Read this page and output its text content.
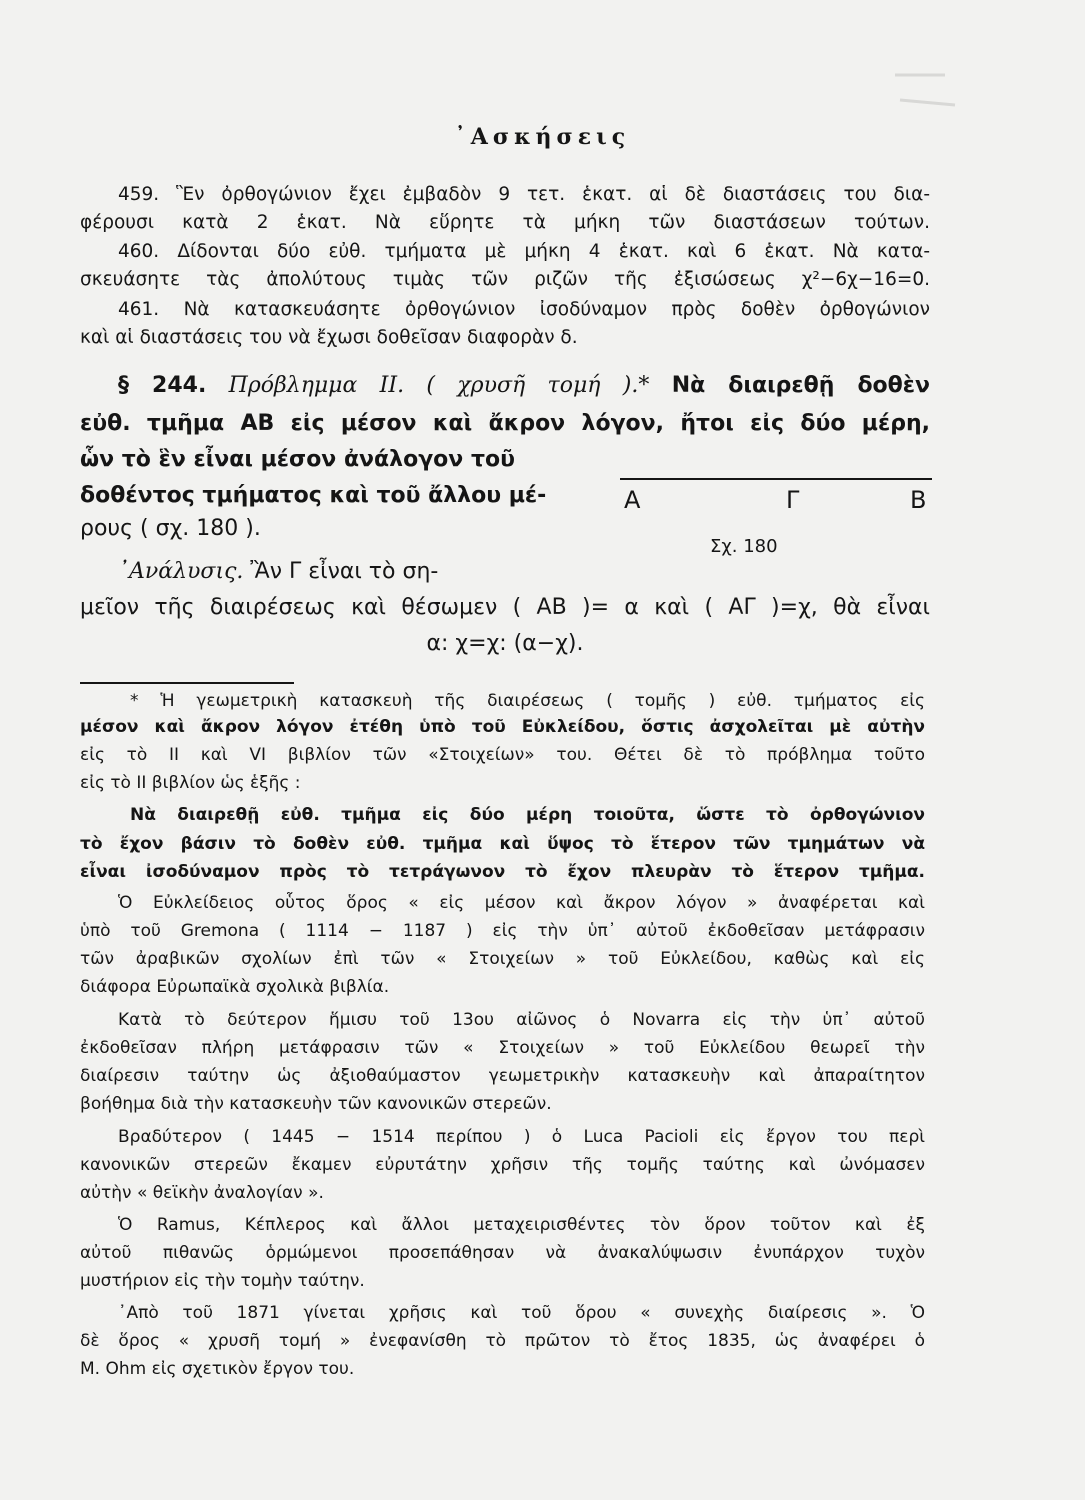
᾿Ασκήσεις
459. Ἓν ὀρθογώνιον ἔχει ἐμβαδὸν 9 τετ. ἑκατ. αἱ δὲ διαστάσεις του δια-
φέρουσι κατὰ 2 ἑκατ. Νὰ εὕρητε τὰ μήκη τῶν διαστάσεων τούτων.
460. Δίδονται δύο εὐθ. τμήματα μὲ μήκη 4 ἑκατ. καὶ 6 ἑκατ. Νὰ κατα-
σκευάσητε τὰς ἀπολύτους τιμὰς τῶν ριζῶν τῆς ἐξισώσεως χ²−6χ−16=0.
461. Νὰ κατασκευάσητε ὀρθογώνιον ἰσοδύναμον πρὸς δοθὲν ὀρθογώνιον
καὶ αἱ διαστάσεις του νὰ ἔχωσι δοθεῖσαν διαφορὰν δ.
§ 244. Πρόβλημμα ΙΙ. ( χρυσῆ τομή ).* Νὰ διαιρεθῇ δοθὲν
εὐθ. τμῆμα ΑΒ εἰς μέσον καὶ ἄκρον λόγον, ἤτοι εἰς δύο μέρη,
ὧν τὸ ἓν εἶναι μέσον ἀνάλογον τοῦ
δοθέντος τμήματος καὶ τοῦ ἄλλου μέ-
ρους ( σχ. 180 ).
Α	Γ	Β
Σχ. 180
᾿Ανάλυσις. Ἂν Γ εἶναι τὸ ση-
μεῖον τῆς διαιρέσεως καὶ θέσωμεν ( ΑΒ )= α καὶ ( ΑΓ )=χ, θὰ εἶναι
α: χ=χ: (α−χ).
* Ἡ γεωμετρικὴ κατασκευὴ τῆς διαιρέσεως ( τομῆς ) εὐθ. τμήματος εἰς
μέσον καὶ ἄκρον λόγον ἐτέθη ὑπὸ τοῦ Εὐκλείδου, ὅστις ἀσχολεῖται μὲ αὐτὴν
εἰς τὸ ΙΙ καὶ VI βιβλίον τῶν «Στοιχείων» του. Θέτει δὲ τὸ πρόβλημα τοῦτο
εἰς τὸ ΙΙ βιβλίον ὡς ἑξῆς :
Νὰ διαιρεθῇ εὐθ. τμῆμα εἰς δύο μέρη τοιοῦτα, ὥστε τὸ ὀρθογώνιον
τὸ ἔχον βάσιν τὸ δοθὲν εὐθ. τμῆμα καὶ ὕψος τὸ ἕτερον τῶν τμημάτων νὰ
εἶναι ἰσοδύναμον πρὸς τὸ τετράγωνον τὸ ἔχον πλευρὰν τὸ ἕτερον τμῆμα.
Ὁ Εὐκλείδειος οὗτος ὅρος « εἰς μέσον καὶ ἄκρον λόγον » ἀναφέρεται καὶ
ὑπὸ τοῦ Gremona ( 1114 − 1187 ) εἰς τὴν ὑπ᾿ αὐτοῦ ἐκδοθεῖσαν μετάφρασιν
τῶν ἀραβικῶν σχολίων ἐπὶ τῶν « Στοιχείων » τοῦ Εὐκλείδου, καθὼς καὶ εἰς
διάφορα Εὐρωπαϊκὰ σχολικὰ βιβλία.
Κατὰ τὸ δεύτερον ἥμισυ τοῦ 13ου αἰῶνος ὁ Novarra εἰς τὴν ὑπ᾿ αὐτοῦ
ἐκδοθεῖσαν πλήρη μετάφρασιν τῶν « Στοιχείων » τοῦ Εὐκλείδου θεωρεῖ τὴν
διαίρεσιν ταύτην ὡς ἀξιοθαύμαστον γεωμετρικὴν κατασκευὴν καὶ ἀπαραίτητον
βοήθημα διὰ τὴν κατασκευὴν τῶν κανονικῶν στερεῶν.
Βραδύτερον ( 1445 − 1514 περίπου ) ὁ Luca Pacioli εἰς ἔργον του περὶ
κανονικῶν στερεῶν ἔκαμεν εὐρυτάτην χρῆσιν τῆς τομῆς ταύτης καὶ ὠνόμασεν
αὐτὴν « θεϊκὴν ἀναλογίαν ».
Ὁ Ramus, Κέπλερος καὶ ἄλλοι μεταχειρισθέντες τὸν ὅρον τοῦτον καὶ ἐξ
αὐτοῦ πιθανῶς ὁρμώμενοι προσεπάθησαν νὰ ἀνακαλύψωσιν ἐνυπάρχον τυχὸν
μυστήριον εἰς τὴν τομὴν ταύτην.
᾿Απὸ τοῦ 1871 γίνεται χρῆσις καὶ τοῦ ὅρου « συνεχὴς διαίρεσις ». Ὁ
δὲ ὅρος « χρυσῆ τομή » ἐνεφανίσθη τὸ πρῶτον τὸ ἔτος 1835, ὡς ἀναφέρει ὁ
M. Ohm εἰς σχετικὸν ἔργον του.
